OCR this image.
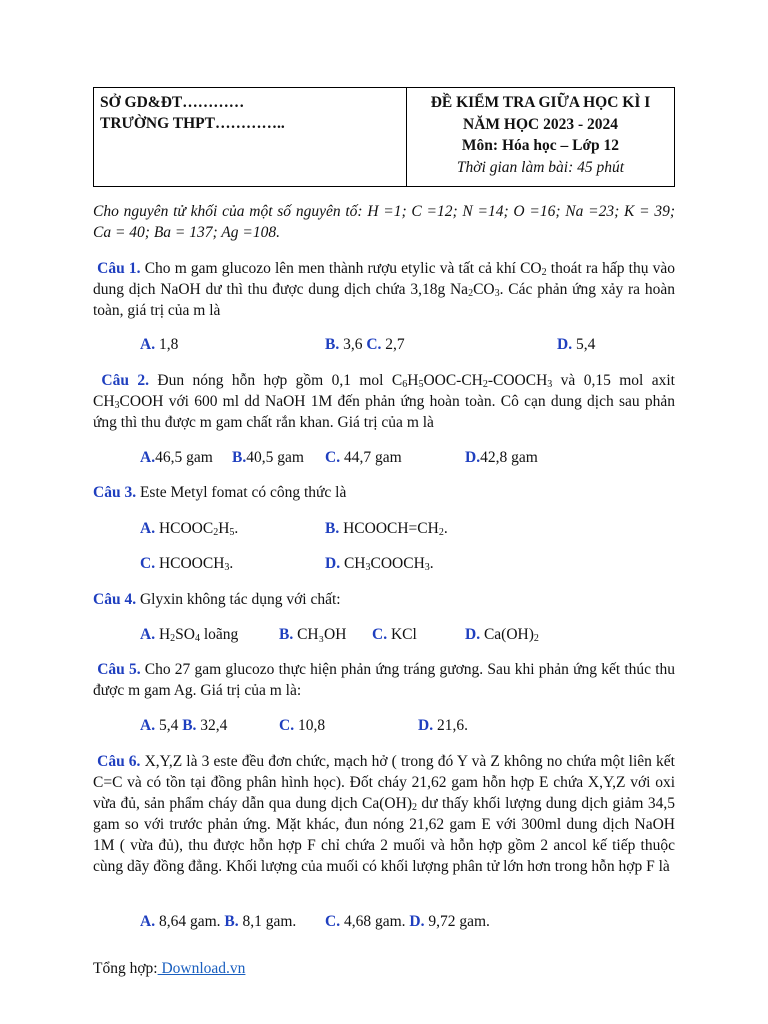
SỞ GD&ĐT…………
TRƯỜNG THPT…………..

ĐỀ KIỂM TRA GIỮA HỌC KÌ I
NĂM HỌC 2023 - 2024
Môn: Hóa học – Lớp 12
Thời gian làm bài: 45 phút
Cho nguyên tử khối của một số nguyên tố: H =1; C =12; N =14; O =16; Na =23; K = 39; Ca = 40; Ba = 137; Ag =108.
Câu 1. Cho m gam glucozo lên men thành rượu etylic và tất cả khí $CO_2$ thoát ra hấp thụ vào dung dịch NaOH dư thì thu được dung dịch chứa 3,18g $Na_2CO_3$. Các phản ứng xảy ra hoàn toàn, giá trị của m là
A. 1,8	B. 3,6 C. 2,7	D. 5,4
Câu 2. Đun nóng hỗn hợp gồm 0,1 mol $C_6H_5OOC-CH_2-COOCH_3$ và 0,15 mol axit $CH_3COOH$ với 600 ml dd NaOH 1M đến phản ứng hoàn toàn. Cô cạn dung dịch sau phản ứng thì thu được m gam chất rắn khan. Giá trị của m là
A.46,5 gam B.40,5 gam C. 44,7 gam	D.42,8 gam
Câu 3. Este Metyl fomat có công thức là
A. $HCOOC_2H_5$.	B. $HCOOCH=CH_2$.
C. $HCOOCH_3$.	D. $CH_3COOCH_3$.
Câu 4. Glyxin không tác dụng với chất:
A. $H_2SO_4$ loãng	B. CH₃OH C. KCl	D. $Ca(OH)_2$
Câu 5. Cho 27 gam glucozo thực hiện phản ứng tráng gương. Sau khi phản ứng kết thúc thu được m gam Ag. Giá trị của m là:
A. 5,4 B. 32,4	C. 10,8	D. 21,6.
Câu 6. X,Y,Z là 3 este đều đơn chức, mạch hở ( trong đó Y và Z không no chứa một liên kết C=C và có tồn tại đồng phân hình học). Đốt cháy 21,62 gam hỗn hợp E chứa X,Y,Z với oxi vừa đủ, sản phẩm cháy dẫn qua dung dịch $Ca(OH)_2$ dư thấy khối lượng dung dịch giảm 34,5 gam so với trước phản ứng. Mặt khác, đun nóng 21,62 gam E với 300ml dung dịch NaOH 1M ( vừa đủ), thu được hỗn hợp F chỉ chứa 2 muối và hỗn hợp gồm 2 ancol kế tiếp thuộc cùng dãy đồng đẳng. Khối lượng của muối có khối lượng phân tử lớn hơn trong hỗn hợp F là
A. 8,64 gam. B. 8,1 gam. C. 4,68 gam. D. 9,72 gam.
Tổng hợp: Download.vn
